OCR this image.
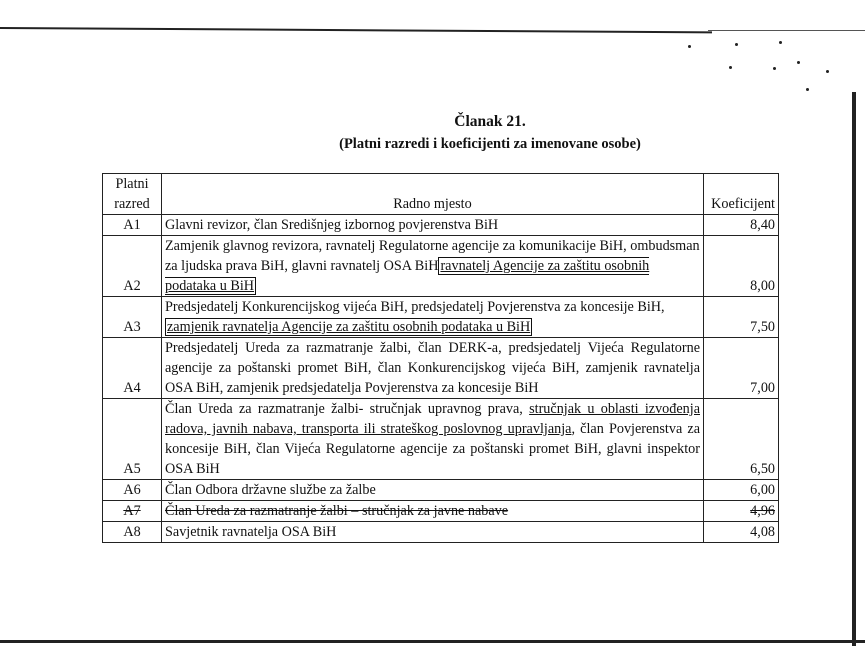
Članak 21.
(Platni razredi i koeficijenti za imenovane osobe)
Platni
razred	Radno mjesto	Koeficijent
A1	Glavni revizor, član Središnjeg izbornog povjerenstva BiH	8,40
A2	Zamjenik glavnog revizora, ravnatelj Regulatorne agencije za komunikacije BiH, ombudsman za ljudska prava BiH, glavni ravnatelj OSA BiH ravnatelj Agencije za zaštitu osobnih podataka u BiH	8,00
A3	Predsjedatelj Konkurencijskog vijeća BiH, predsjedatelj Povjerenstva za koncesije BiH, zamjenik ravnatelja Agencije za zaštitu osobnih podataka u BiH	7,50
A4	Predsjedatelj Ureda za razmatranje žalbi, član DERK-a, predsjedatelj Vijeća Regulatorne agencije za poštanski promet BiH, član Konkurencijskog vijeća BiH, zamjenik ravnatelja OSA BiH, zamjenik predsjedatelja Povjerenstva za koncesije BiH	7,00
A5	Član Ureda za razmatranje žalbi- stručnjak upravnog prava, stručnjak u oblasti izvođenja radova, javnih nabava, transporta ili strateškog poslovnog upravljanja, član Povjerenstva za koncesije BiH, član Vijeća Regulatorne agencije za poštanski promet BiH, glavni inspektor OSA BiH	6,50
A6	Član Odbora državne službe za žalbe	6,00
A7	Član Ureda za razmatranje žalbi – stručnjak za javne nabave	4,96
A8	Savjetnik ravnatelja OSA BiH	4,08
